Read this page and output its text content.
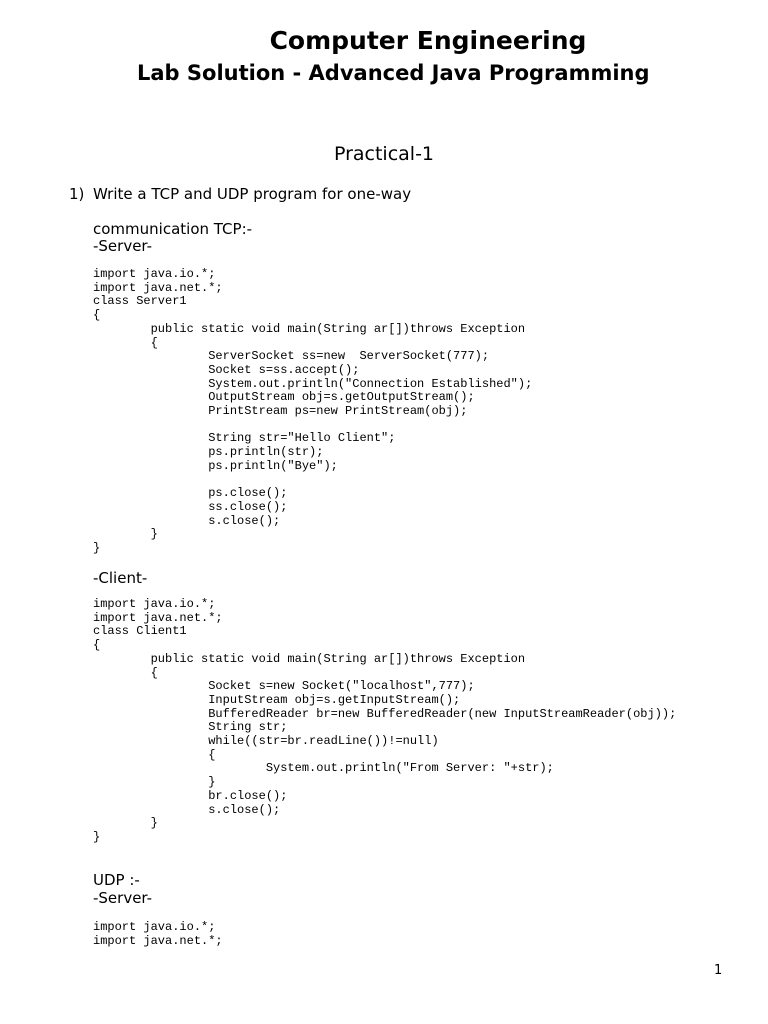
Computer Engineering
Lab Solution - Advanced Java Programming
Practical-1
1) Write a TCP and UDP program for one-way
communication TCP:-
-Server-
import java.io.*;
import java.net.*;
class Server1
{
	public static void main(String ar[])throws Exception
	{
		ServerSocket ss=new  ServerSocket(777);
		Socket s=ss.accept();
		System.out.println("Connection Established");
		OutputStream obj=s.getOutputStream();
		PrintStream ps=new PrintStream(obj);

		String str="Hello Client";
		ps.println(str);
		ps.println("Bye");

		ps.close();
		ss.close();
		s.close();
	}
}
-Client-
import java.io.*;
import java.net.*;
class Client1
{
	public static void main(String ar[])throws Exception
	{
		Socket s=new Socket("localhost",777);
		InputStream obj=s.getInputStream();
		BufferedReader br=new BufferedReader(new InputStreamReader(obj));
		String str;
		while((str=br.readLine())!=null)
		{
			System.out.println("From Server: "+str);
		}
		br.close();
		s.close();
	}
}
UDP :-
-Server-
import java.io.*;
import java.net.*;
1
